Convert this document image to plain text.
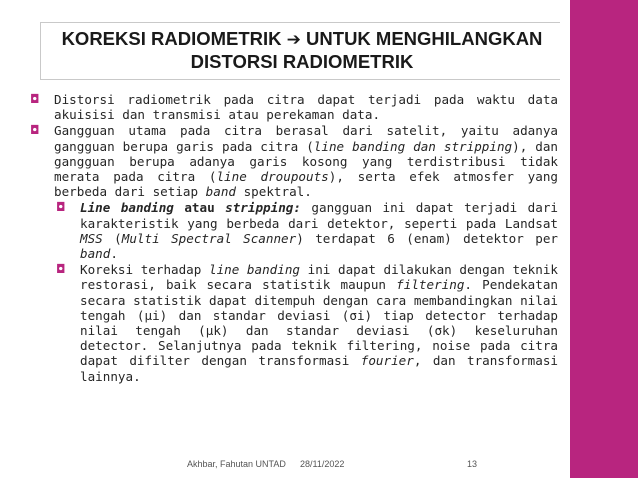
KOREKSI RADIOMETRIK ➔ UNTUK MENGHILANGKAN DISTORSI RADIOMETRIK
◘	Distorsi radiometrik pada citra dapat terjadi pada waktu data akuisisi dan transmisi atau perekaman data.
◘	Gangguan utama pada citra berasal dari satelit, yaitu adanya gangguan berupa garis pada citra (line banding dan stripping), dan gangguan berupa adanya garis kosong yang terdistribusi tidak merata pada citra (line droupouts), serta efek atmosfer yang berbeda dari setiap band spektral.
◘	Line banding atau stripping: gangguan ini dapat terjadi dari karakteristik yang berbeda dari detektor, seperti pada Landsat MSS (Multi Spectral Scanner) terdapat 6 (enam) detektor per band.
◘	Koreksi terhadap line banding ini dapat dilakukan dengan teknik restorasi, baik secara statistik maupun filtering. Pendekatan secara statistik dapat ditempuh dengan cara membandingkan nilai tengah (μi) dan standar deviasi (σi) tiap detector terhadap nilai tengah (μk) dan standar deviasi (σk) keseluruhan detector. Selanjutnya pada teknik filtering, noise pada citra dapat difilter dengan transformasi fourier, dan transformasi lainnya.
Akhbar, Fahutan UNTAD 28/11/2022	13
